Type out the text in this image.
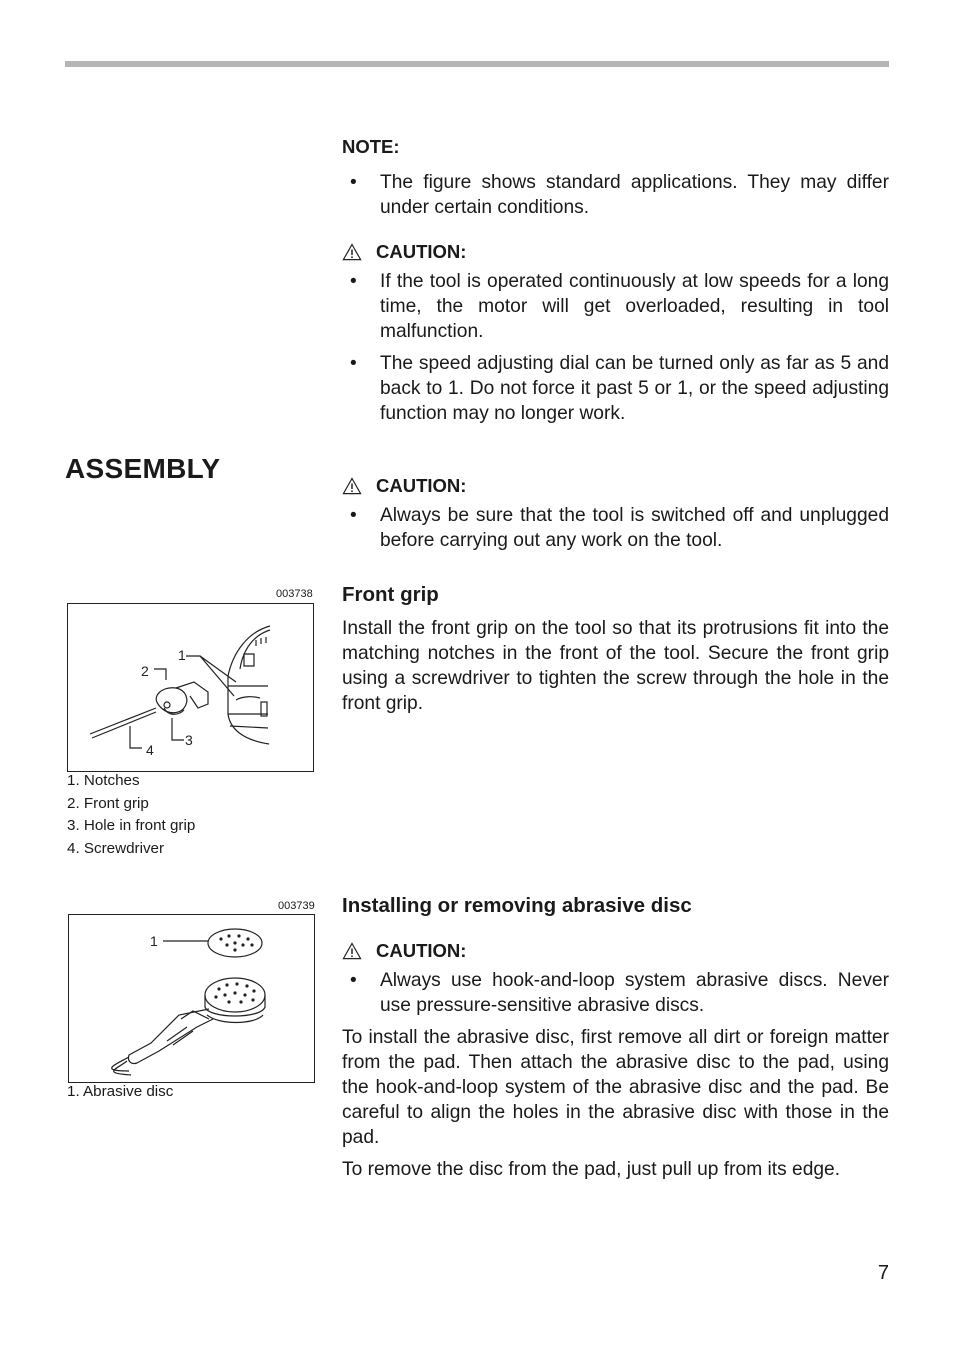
NOTE:

• The figure shows standard applications. They may differ under certain conditions.
CAUTION:
• If the tool is operated continuously at low speeds for a long time, the motor will get overloaded, resulting in tool malfunction.
• The speed adjusting dial can be turned only as far as 5 and back to 1. Do not force it past 5 or 1, or the speed adjusting function may no longer work.
ASSEMBLY
CAUTION:
• Always be sure that the tool is switched off and unplugged before carrying out any work on the tool.

Front grip

Install the front grip on the tool so that its protrusions fit into the matching notches in the front of the tool. Secure the front grip using a screwdriver to tighten the screw through the hole in the front grip.

003738
1
2
3
4
1. Notches
2. Front grip
3. Hole in front grip
4. Screwdriver

Installing or removing abrasive disc

CAUTION:
• Always use hook-and-loop system abrasive discs. Never use pressure-sensitive abrasive discs.

To install the abrasive disc, first remove all dirt or foreign matter from the pad. Then attach the abrasive disc to the pad, using the hook-and-loop system of the abrasive disc and the pad. Be careful to align the holes in the abrasive disc with those in the pad.

To remove the disc from the pad, just pull up from its edge.

003739
1
1. Abrasive disc
7
